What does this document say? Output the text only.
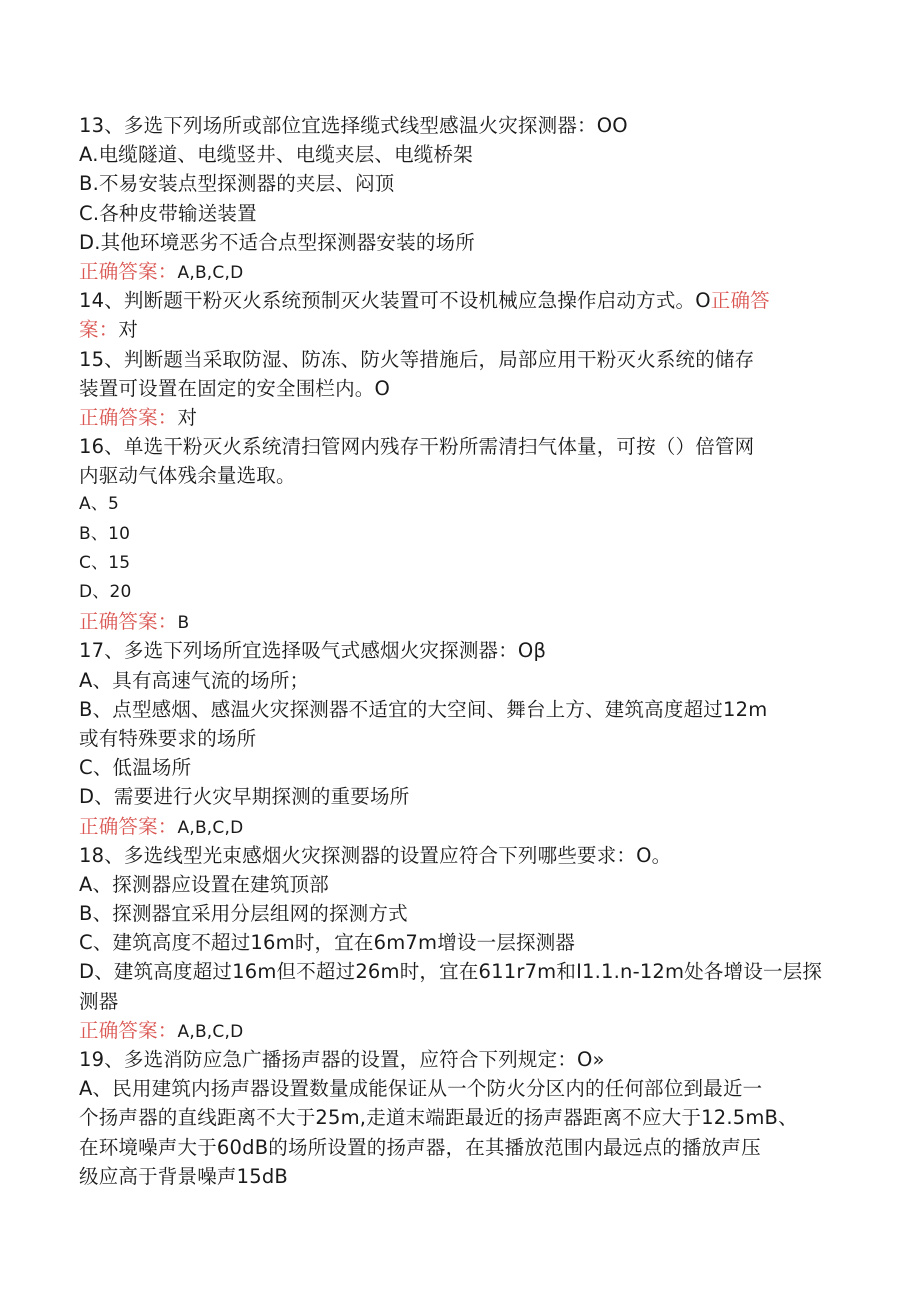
13、多选下列场所或部位宜选择缆式线型感温火灾探测器：OO
A.电缆隧道、电缆竖井、电缆夹层、电缆桥架
B.不易安装点型探测器的夹层、闷顶
C.各种皮带输送装置
D.其他环境恶劣不适合点型探测器安装的场所
正确答案：A,B,C,D
14、判断题干粉灭火系统预制灭火装置可不设机械应急操作启动方式。O正确答
案：对
15、判断题当采取防湿、防冻、防火等措施后，局部应用干粉灭火系统的储存
装置可设置在固定的安全围栏内。O
正确答案：对
16、单选干粉灭火系统清扫管网内残存干粉所需清扫气体量，可按（）倍管网
内驱动气体残余量选取。
A、5
B、10
C、15
D、20
正确答案：B
17、多选下列场所宜选择吸气式感烟火灾探测器：Oβ
A、具有高速气流的场所；
B、点型感烟、感温火灾探测器不适宜的大空间、舞台上方、建筑高度超过12m
或有特殊要求的场所
C、低温场所
D、需要进行火灾早期探测的重要场所
正确答案：A,B,C,D
18、多选线型光束感烟火灾探测器的设置应符合下列哪些要求：O。
A、探测器应设置在建筑顶部
B、探测器宜采用分层组网的探测方式
C、建筑高度不超过16m时，宜在6m7m增设一层探测器
D、建筑高度超过16m但不超过26m时，宜在611r7m和I1.1.n-12m处各增设一层探
测器
正确答案：A,B,C,D
19、多选消防应急广播扬声器的设置，应符合下列规定：O»
A、民用建筑内扬声器设置数量成能保证从一个防火分区内的任何部位到最近一
个扬声器的直线距离不大于25m,走道末端距最近的扬声器距离不应大于12.5mB、
在环境噪声大于60dB的场所设置的扬声器，在其播放范围内最远点的播放声压
级应高于背景噪声15dB
